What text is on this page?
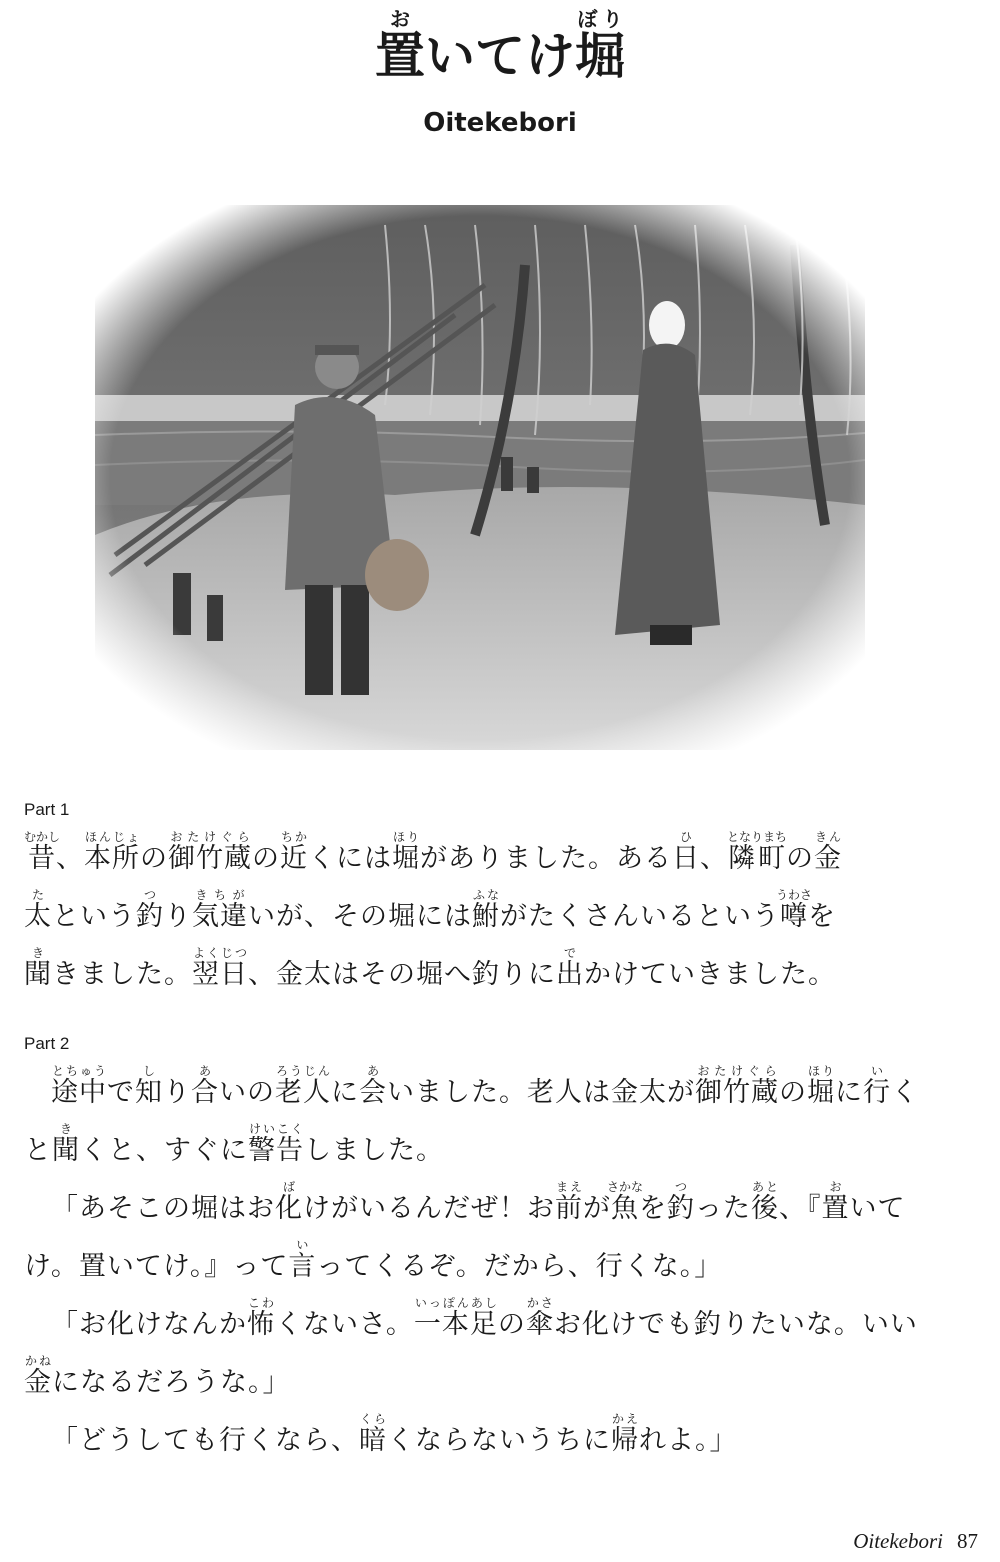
置おいてけ堀ぼり
Oitekebori
Part 1
昔むかし、本所ほんじょの御竹蔵おたけぐらの近ちかくには堀ほりがありました。ある日ひ、隣町となりまちの金きん
太たという釣つり気違きちがいが、その堀には鮒ふながたくさんいるという噂うわさを
聞ききました。翌日よくじつ、金太はその堀へ釣りに出でかけていきました。
Part 2
途中とちゅうで知しり合あいの老人ろうじんに会あいました。老人は金太が御竹蔵おたけぐらの堀ほりに行いくと聞きくと、すぐに警告けいこくしました。
「あそこの堀はお化ばけがいるんだぜ！お前まえが魚さかなを釣つった後あと、『置おいてけ。置いてけ。』って言いってくるぞ。だから、行くな。」
「お化けなんか怖こわくないさ。一本足いっぽんあしの傘かさお化けでも釣りたいな。いい金かねになるだろうな。」
「どうしても行くなら、暗くらくならないうちに帰かえれよ。」
Oitekebori 87
